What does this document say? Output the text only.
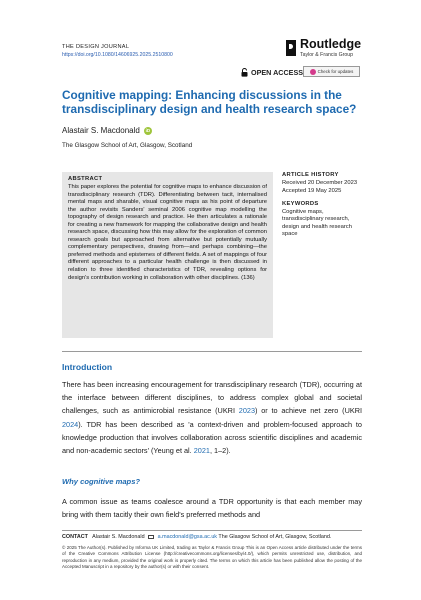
THE DESIGN JOURNAL
https://doi.org/10.1080/14606925.2025.2510800
Routledge
Taylor & Francis Group
OPEN ACCESS	Check for updates
Cognitive mapping: Enhancing discussions in the transdisciplinary design and health research space?
Alastair S. Macdonald	iD
The Glasgow School of Art, Glasgow, Scotland
ABSTRACT

This paper explores the potential for cognitive maps to enhance discussion of transdisciplinary research (TDR). Differentiating between tacit, internalised mental maps and sharable, visual cognitive maps as his point of departure the author revisits Sanders' seminal 2006 cognitive map modelling the topography of design research and practice. He then articulates a rationale for creating a new framework for mapping the collaborative design and health research space, discussing how this may allow for the exploration of common research goals but approached from alternative but potentially mutually complementary perspectives, drawing from—and perhaps combining—the preferred methods and epistemes of different fields. A set of mappings of four different approaches to a particular health challenge is then discussed in relation to three identified characteristics of TDR, revealing options for design's contribution working in collaboration with other disciplines. (136)

ARTICLE HISTORY
Received 20 December 2023
Accepted 19 May 2025
KEYWORDS
Cognitive maps, transdisciplinary research, design and health research space
Introduction

There has been increasing encouragement for transdisciplinary research (TDR), occurring at the interface between different disciplines, to address complex global and societal challenges, such as antimicrobial resistance (UKRI 2023) or to achieve net zero (UKRI 2024). TDR has been described as 'a context-driven and problem-focused approach to knowledge production that involves collaboration across scientific disciplines and academic and non-academic sectors' (Yeung et al. 2021, 1–2).

Why cognitive maps?

A common issue as teams coalesce around a TDR opportunity is that each member may bring with them tacitly their own field's preferred methods and

CONTACT Alastair S. Macdonald a.macdonald@gsa.ac.uk The Glasgow School of Art, Glasgow, Scotland.

© 2025 The Author(s). Published by Informa UK Limited, trading as Taylor & Francis Group This is an Open Access article distributed under the terms of the Creative Commons Attribution License (http://creativecommons.org/licenses/by/4.0/), which permits unrestricted use, distribution, and reproduction in any medium, provided the original work is properly cited. The terms on which this article has been published allow the posting of the Accepted Manuscript in a repository by the author(s) or with their consent.
